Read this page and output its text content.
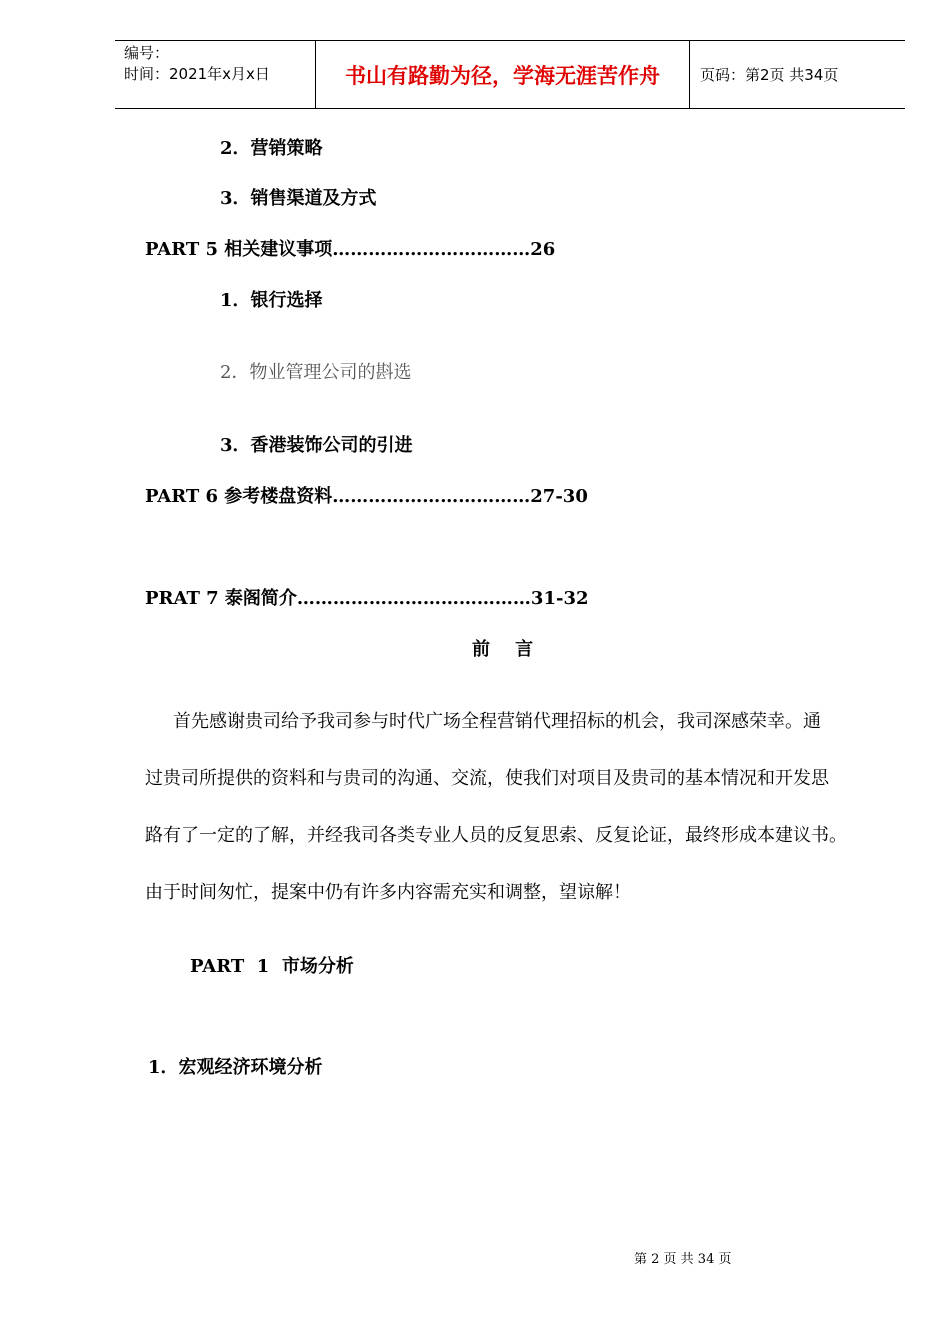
编号：
时间：2021年x月x日	书山有路勤为径，学海无涯苦作舟	页码：第2页 共34页
2．营销策略
3．销售渠道及方式
PART 5 相关建议事项……………………………26
1．银行选择
2．物业管理公司的斟选
3．香港装饰公司的引进
PART 6 参考楼盘资料……………………………27-30
PRAT 7 泰阁简介…………………………………31-32
前    言
首先感谢贵司给予我司参与时代广场全程营销代理招标的机会，我司深感荣幸。通
过贵司所提供的资料和与贵司的沟通、交流，使我们对项目及贵司的基本情况和开发思
路有了一定的了解，并经我司各类专业人员的反复思索、反复论证，最终形成本建议书。
由于时间匆忙，提案中仍有许多内容需充实和调整，望谅解！
PART  1  市场分析
1．宏观经济环境分析
第 2 页 共 34 页
